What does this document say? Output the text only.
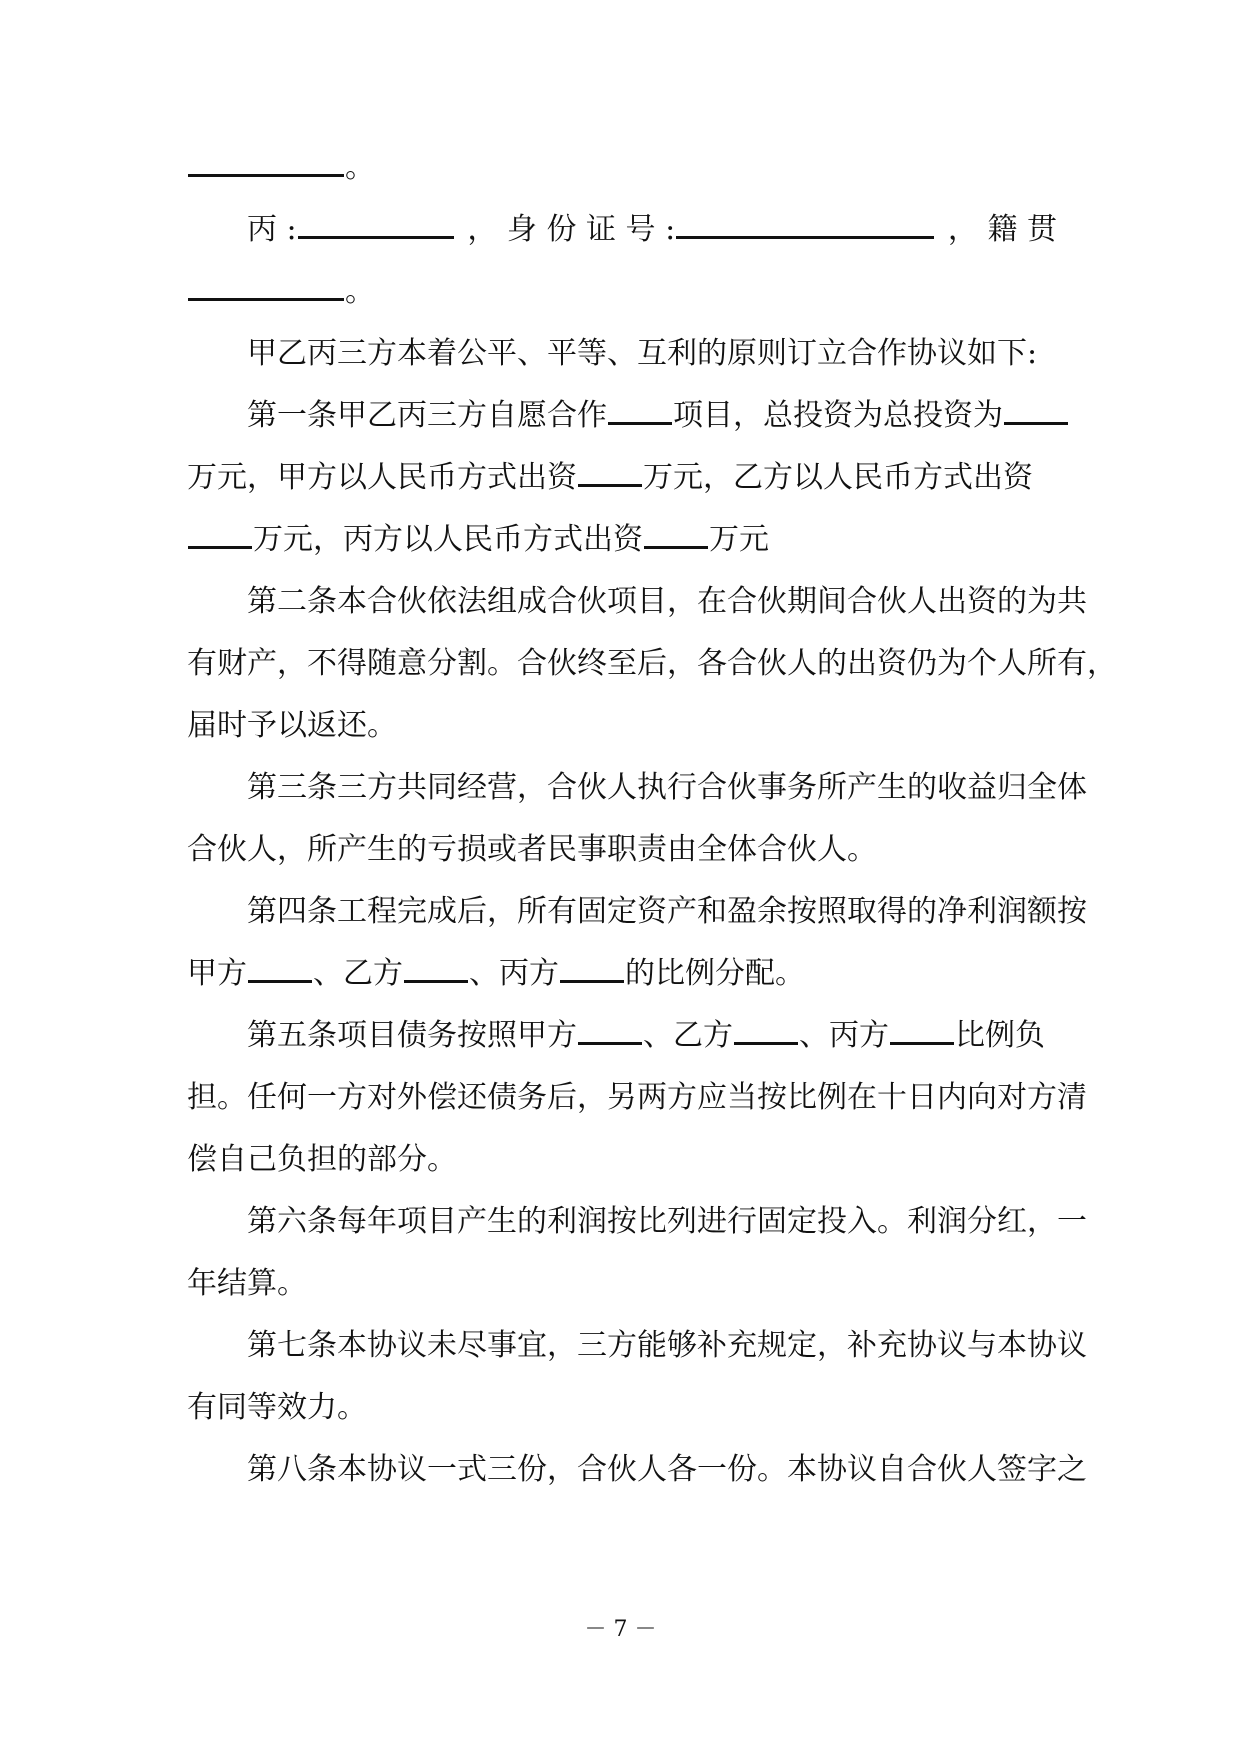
。
丙 :	， 身 份 证 号 :	， 籍 贯
。
甲乙丙三方本着公平、平等、互利的原则订立合作协议如下:
第一条甲乙丙三方自愿合作 项目，总投资为总投资为
万元，甲方以人民币方式出资 万元，乙方以人民币方式出资
万元，丙方以人民币方式出资 万元
第二条本合伙依法组成合伙项目，在合伙期间合伙人出资的为共
有财产，不得随意分割。合伙终至后，各合伙人的出资仍为个人所有，
届时予以返还。
第三条三方共同经营，合伙人执行合伙事务所产生的收益归全体
合伙人，所产生的亏损或者民事职责由全体合伙人。
第四条工程完成后，所有固定资产和盈余按照取得的净利润额按
甲方 、乙方 、丙方 的比例分配。
第五条项目债务按照甲方 、乙方 、丙方 比例负
担。任何一方对外偿还债务后，另两方应当按比例在十日内向对方清
偿自己负担的部分。
第六条每年项目产生的利润按比列进行固定投入。利润分红，一
年结算。
第七条本协议未尽事宜，三方能够补充规定，补充协议与本协议
有同等效力。
第八条本协议一式三份，合伙人各一份。本协议自合伙人签字之
－ 7 －
